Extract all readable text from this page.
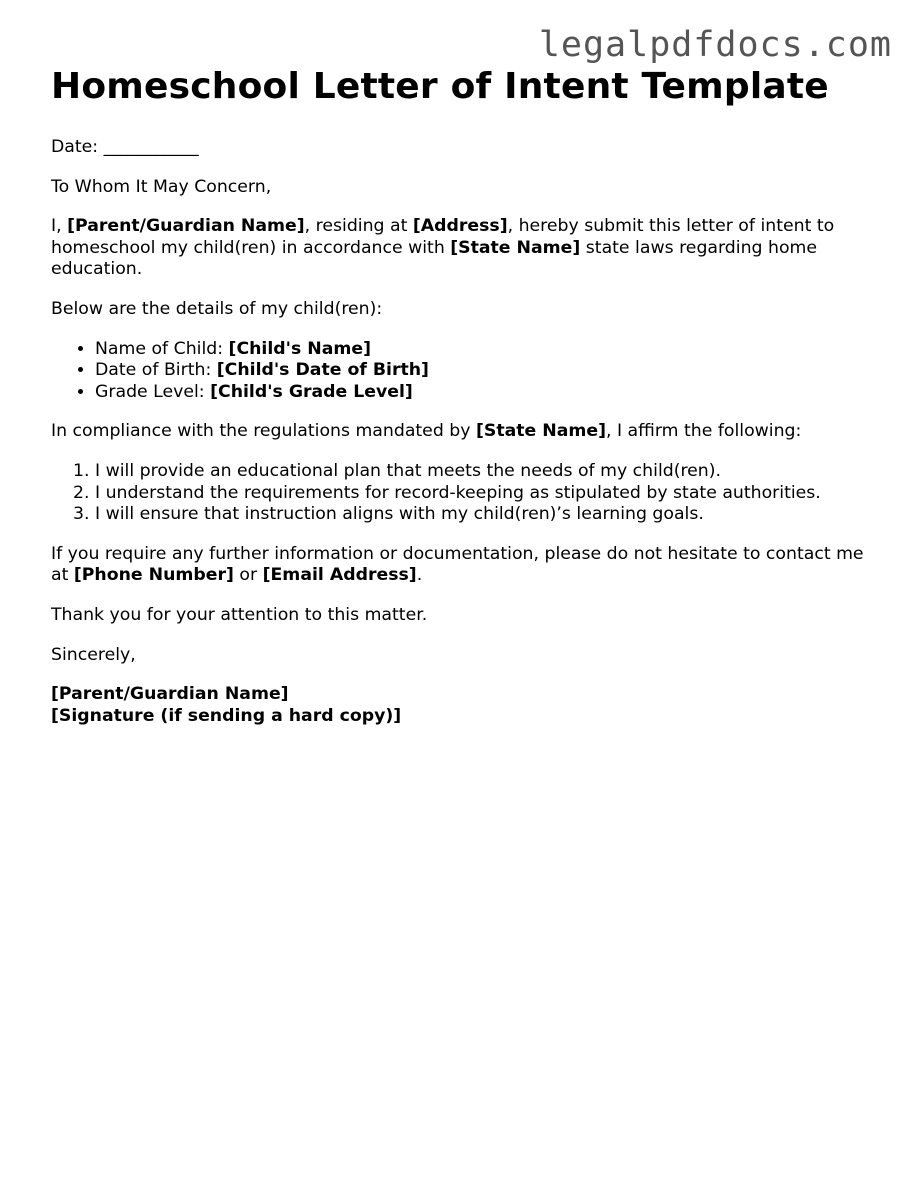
legalpdfdocs.com
Homeschool Letter of Intent Template

Date: ___________

To Whom It May Concern,

I, [Parent/Guardian Name], residing at [Address], hereby submit this letter of intent to homeschool my child(ren) in accordance with [State Name] state laws regarding home education.

Below are the details of my child(ren):

• Name of Child: [Child's Name]
• Date of Birth: [Child's Date of Birth]
• Grade Level: [Child's Grade Level]

In compliance with the regulations mandated by [State Name], I affirm the following:

1. I will provide an educational plan that meets the needs of my child(ren).
2. I understand the requirements for record-keeping as stipulated by state authorities.
3. I will ensure that instruction aligns with my child(ren)’s learning goals.

If you require any further information or documentation, please do not hesitate to contact me at [Phone Number] or [Email Address].

Thank you for your attention to this matter.

Sincerely,

[Parent/Guardian Name]
[Signature (if sending a hard copy)]
